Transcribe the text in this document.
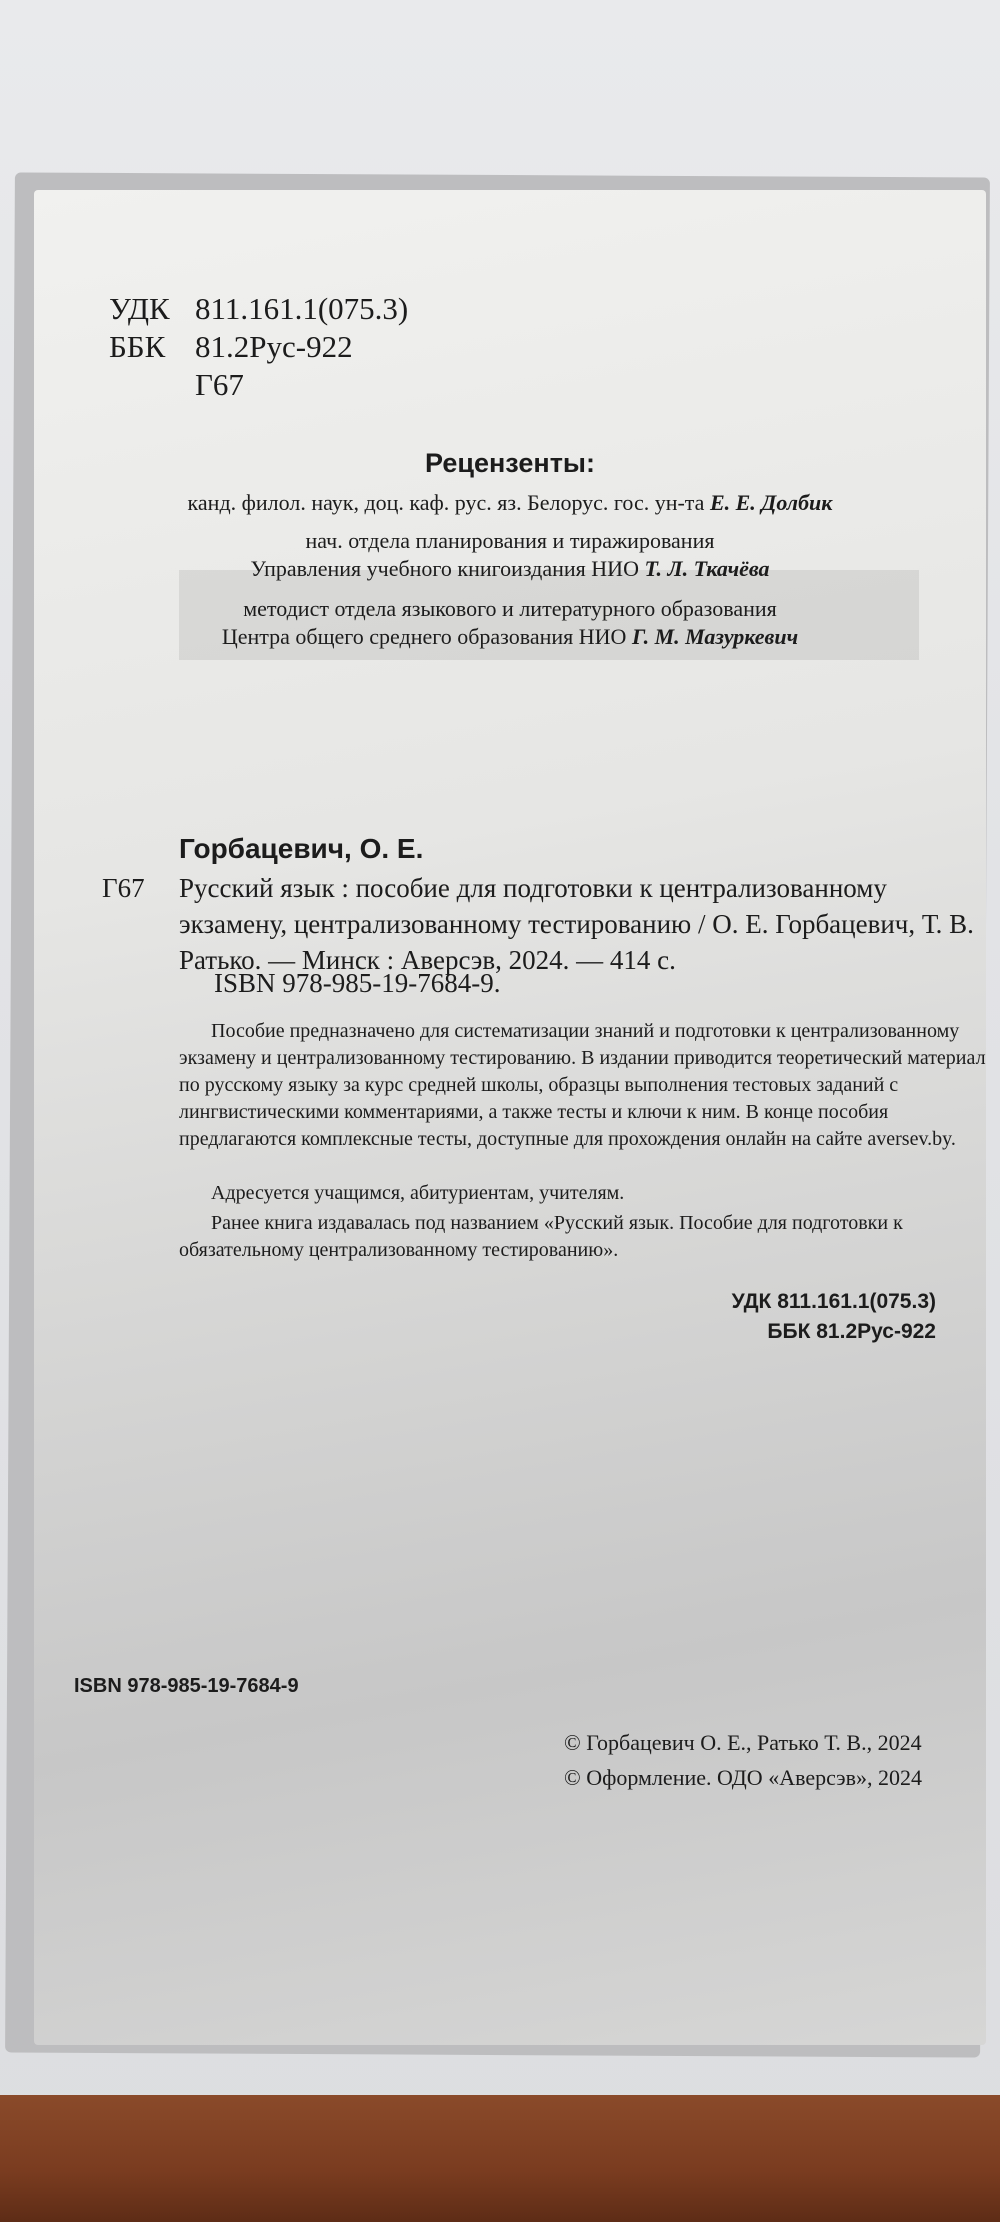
УДК 811.161.1(075.3)
ББК 81.2Рус-922
Г67
Рецензенты:
канд. филол. наук, доц. каф. рус. яз. Белорус. гос. ун-та Е. Е. Долбик
нач. отдела планирования и тиражирования
Управления учебного книгоиздания НИО Т. Л. Ткачёва
методист отдела языкового и литературного образования
Центра общего среднего образования НИО Г. М. Мазуркевич
Горбацевич, О. Е.
Г67 Русский язык : пособие для подготовки к централизованному экзамену, централизованному тестированию / О. Е. Горбацевич, Т. В. Ратько. — Минск : Аверсэв, 2024. — 414 с.
ISBN 978-985-19-7684-9.
Пособие предназначено для систематизации знаний и подготовки к централизованному экзамену и централизованному тестированию. В издании приводится теоретический материал по русскому языку за курс средней школы, образцы выполнения тестовых заданий с лингвистическими комментариями, а также тесты и ключи к ним. В конце пособия предлагаются комплексные тесты, доступные для прохождения онлайн на сайте aversev.by.
Адресуется учащимся, абитуриентам, учителям.
Ранее книга издавалась под названием «Русский язык. Пособие для подготовки к обязательному централизованному тестированию».
УДК 811.161.1(075.3)
ББК 81.2Рус-922
ISBN 978-985-19-7684-9
© Горбацевич О. Е., Ратько Т. В., 2024
© Оформление. ОДО «Аверсэв», 2024
